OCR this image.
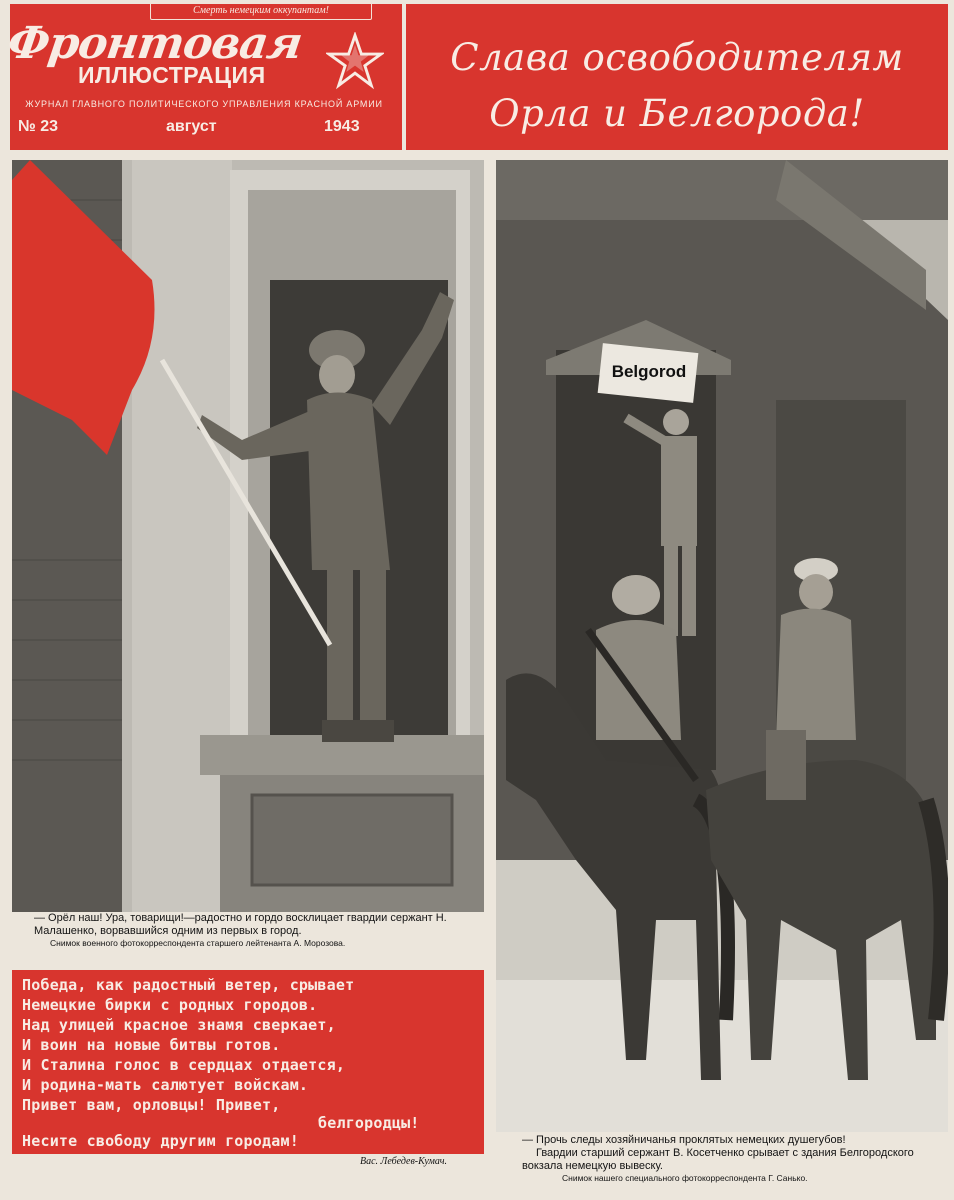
Смерть немецким оккупантам!
Фронтовая
ИЛЛЮСТРАЦИЯ
ЖУРНАЛ ГЛАВНОГО ПОЛИТИЧЕСКОГО УПРАВЛЕНИЯ КРАСНОЙ АРМИИ
№ 23	август	1943
Слава освободителям
Орла и Белгорода!
Belgorod
— Орёл наш! Ура, товарищи!—радостно и гордо восклицает гвардии сержант Н. Малашенко, ворвавшийся одним из первых в город.
Снимок военного фотокорреспондента старшего лейтенанта А. Морозова.
— Прочь следы хозяйничанья проклятых немецких душегубов!
Гвардии старший сержант В. Косетченко срывает с здания Белгородского вокзала немецкую вывеску.
Снимок нашего специального фотокорреспондента Г. Санько.
Победа, как радостный ветер, срывает
Немецкие бирки с родных городов.
Над улицей красное знамя сверкает,
И воин на новые битвы готов.
И Сталина голос в сердцах отдается,
И родина-мать салютует войскам.
Привет вам, орловцы! Привет,
белгородцы!
Несите свободу другим городам!
Вас. Лебедев-Кумач.
